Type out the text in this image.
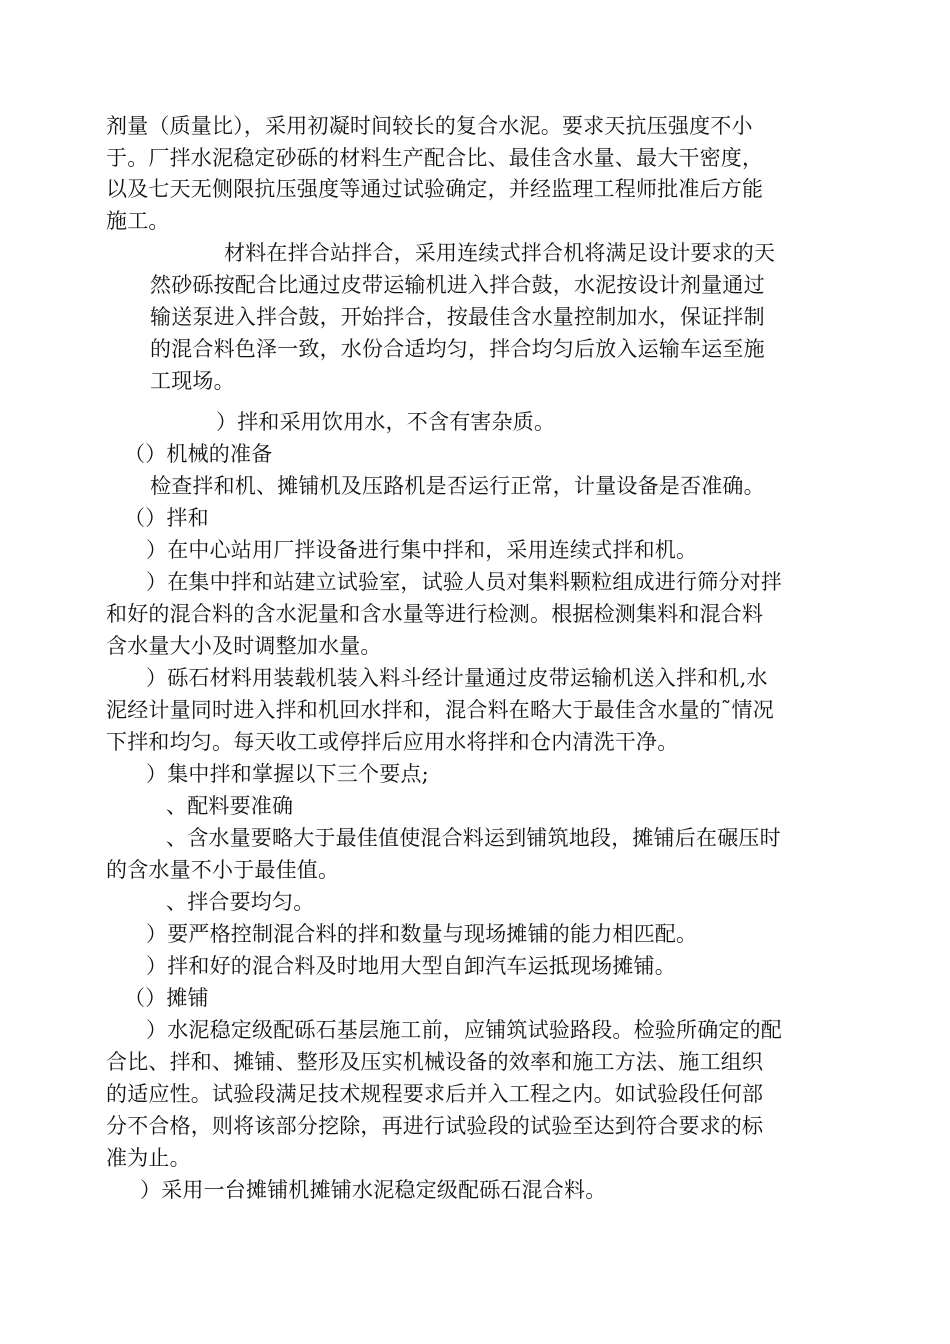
剂量（质量比），采用初凝时间较长的复合水泥。要求天抗压强度不小
于。厂拌水泥稳定砂砾的材料生产配合比、最佳含水量、最大干密度，
以及七天无侧限抗压强度等通过试验确定，并经监理工程师批准后方能
施工。
材料在拌合站拌合，采用连续式拌合机将满足设计要求的天
然砂砾按配合比通过皮带运输机进入拌合鼓，水泥按设计剂量通过
输送泵进入拌合鼓，开始拌合，按最佳含水量控制加水，保证拌制
的混合料色泽一致，水份合适均匀，拌合均匀后放入运输车运至施
工现场。
）拌和采用饮用水，不含有害杂质。
（）机械的准备
检查拌和机、摊铺机及压路机是否运行正常，计量设备是否准确。
（）拌和
）在中心站用厂拌设备进行集中拌和，采用连续式拌和机。
）在集中拌和站建立试验室，试验人员对集料颗粒组成进行筛分对拌
和好的混合料的含水泥量和含水量等进行检测。根据检测集料和混合料
含水量大小及时调整加水量。
）砾石材料用装载机装入料斗经计量通过皮带运输机送入拌和机,水
泥经计量同时进入拌和机回水拌和，混合料在略大于最佳含水量的˜情况
下拌和均匀。每天收工或停拌后应用水将拌和仓内清洗干净。
）集中拌和掌握以下三个要点;
、配料要准确
、含水量要略大于最佳值使混合料运到铺筑地段，摊铺后在碾压时
的含水量不小于最佳值。
、拌合要均匀。
）要严格控制混合料的拌和数量与现场摊铺的能力相匹配。
）拌和好的混合料及时地用大型自卸汽车运抵现场摊铺。
（）摊铺
）水泥稳定级配砾石基层施工前，应铺筑试验路段。检验所确定的配
合比、拌和、摊铺、整形及压实机械设备的效率和施工方法、施工组织
的适应性。试验段满足技术规程要求后并入工程之内。如试验段任何部
分不合格，则将该部分挖除，再进行试验段的试验至达到符合要求的标
准为止。
）采用一台摊铺机摊铺水泥稳定级配砾石混合料。
